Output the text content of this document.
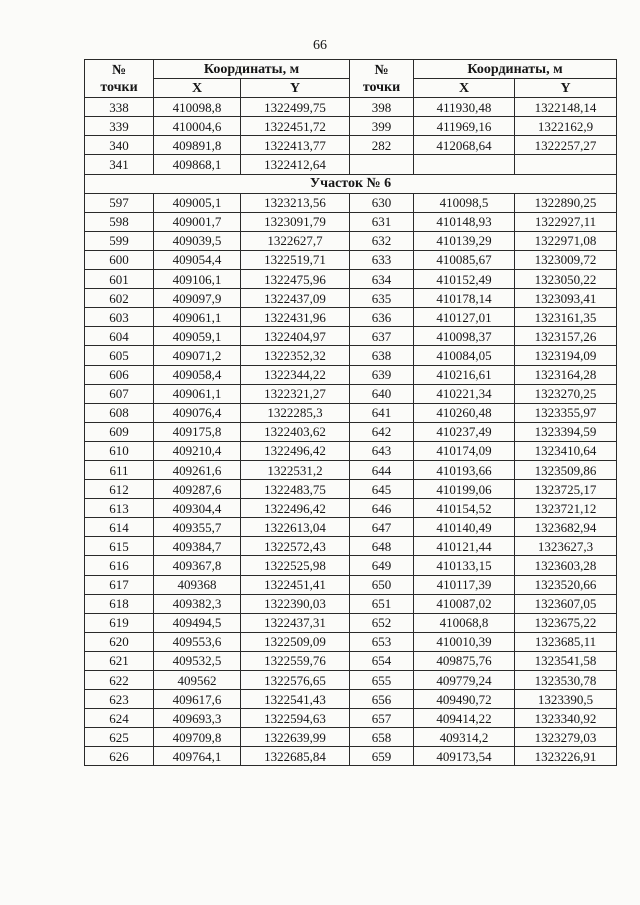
66
№
точки	Координаты, м		№
точки	Координаты, м	
	X	Y		X	Y
338	410098,8	1322499,75	398	411930,48	1322148,14
339	410004,6	1322451,72	399	411969,16	1322162,9
340	409891,8	1322413,77	282	412068,64	1322257,27
341	409868,1	1322412,64			
Участок № 6					
597	409005,1	1323213,56	630	410098,5	1322890,25
598	409001,7	1323091,79	631	410148,93	1322927,11
599	409039,5	1322627,7	632	410139,29	1322971,08
600	409054,4	1322519,71	633	410085,67	1323009,72
601	409106,1	1322475,96	634	410152,49	1323050,22
602	409097,9	1322437,09	635	410178,14	1323093,41
603	409061,1	1322431,96	636	410127,01	1323161,35
604	409059,1	1322404,97	637	410098,37	1323157,26
605	409071,2	1322352,32	638	410084,05	1323194,09
606	409058,4	1322344,22	639	410216,61	1323164,28
607	409061,1	1322321,27	640	410221,34	1323270,25
608	409076,4	1322285,3	641	410260,48	1323355,97
609	409175,8	1322403,62	642	410237,49	1323394,59
610	409210,4	1322496,42	643	410174,09	1323410,64
611	409261,6	1322531,2	644	410193,66	1323509,86
612	409287,6	1322483,75	645	410199,06	1323725,17
613	409304,4	1322496,42	646	410154,52	1323721,12
614	409355,7	1322613,04	647	410140,49	1323682,94
615	409384,7	1322572,43	648	410121,44	1323627,3
616	409367,8	1322525,98	649	410133,15	1323603,28
617	409368	1322451,41	650	410117,39	1323520,66
618	409382,3	1322390,03	651	410087,02	1323607,05
619	409494,5	1322437,31	652	410068,8	1323675,22
620	409553,6	1322509,09	653	410010,39	1323685,11
621	409532,5	1322559,76	654	409875,76	1323541,58
622	409562	1322576,65	655	409779,24	1323530,78
623	409617,6	1322541,43	656	409490,72	1323390,5
624	409693,3	1322594,63	657	409414,22	1323340,92
625	409709,8	1322639,99	658	409314,2	1323279,03
626	409764,1	1322685,84	659	409173,54	1323226,91
